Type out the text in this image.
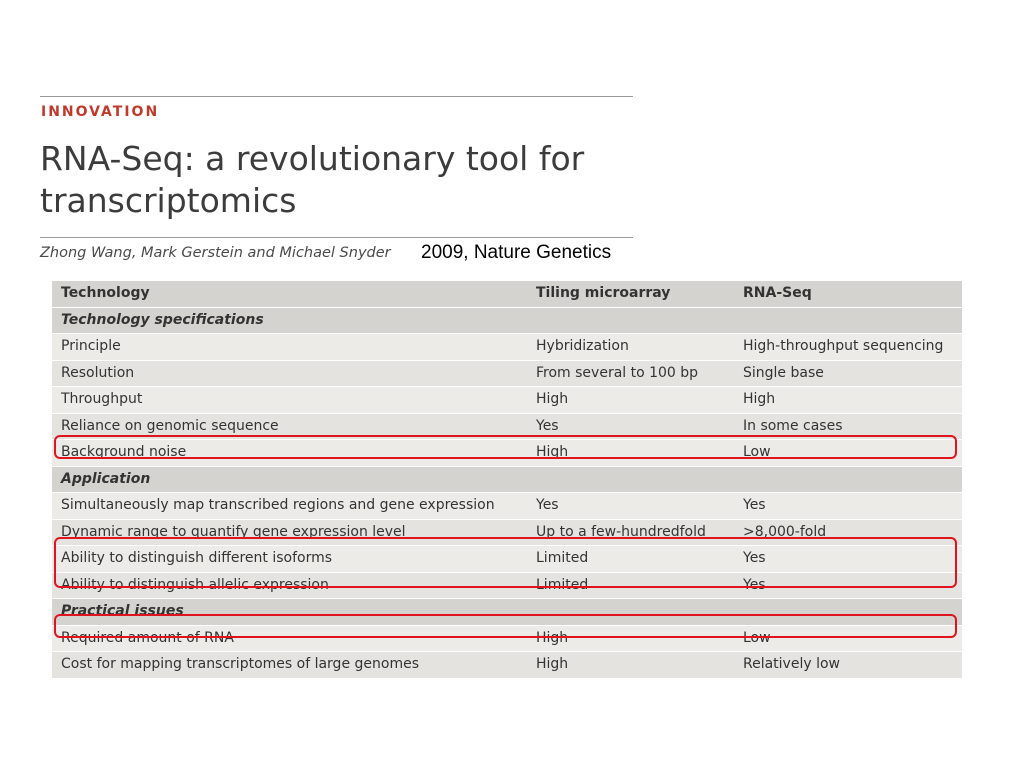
INNOVATION
RNA-Seq: a revolutionary tool for transcriptomics
Zhong Wang, Mark Gerstein and Michael Snyder 2009, Nature Genetics
Technology	Tiling microarray	RNA-Seq
Technology specifications
Principle	Hybridization	High-throughput sequencing
Resolution	From several to 100 bp	Single base
Throughput	High	High
Reliance on genomic sequence	Yes	In some cases
Background noise	High	Low
Application
Simultaneously map transcribed regions and gene expression	Yes	Yes
Dynamic range to quantify gene expression level	Up to a few-hundredfold	>8,000-fold
Ability to distinguish different isoforms	Limited	Yes
Ability to distinguish allelic expression	Limited	Yes
Practical issues
Required amount of RNA	High	Low
Cost for mapping transcriptomes of large genomes	High	Relatively low
